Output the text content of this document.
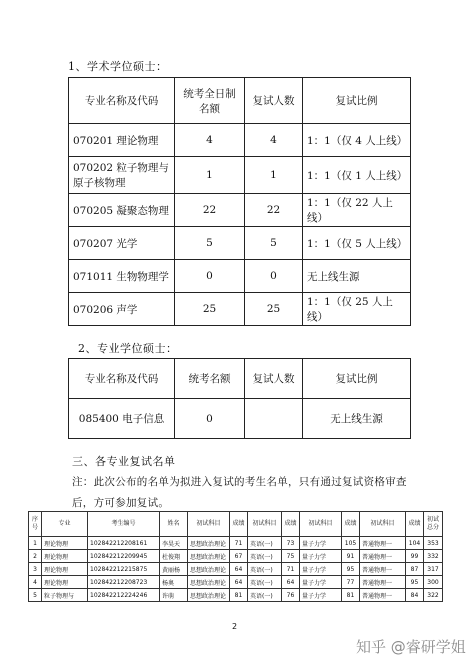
1、学术学位硕士：
专业名称及代码	统考全日制名额	复试人数	复试比例
070201 理论物理	4	4	1：1（仅 4 人上线）
070202 粒子物理与原子核物理	1	1	1：1（仅 1 人上线）
070205 凝聚态物理	22	22	1：1（仅 22 人上线）
070207 光学	5	5	1：1（仅 5 人上线）
071011 生物物理学	0	0	无上线生源
070206 声学	25	25	1：1（仅 25 人上线）
2、专业学位硕士：
专业名称及代码	统考名额	复试人数	复试比例
085400 电子信息	0		无上线生源
三、各专业复试名单
注：此次公布的名单为拟进入复试的考生名单，只有通过复试资格审查后，方可参加复试。
序号	专业	考生编号	姓名	初试科目	成绩	初试科目	成绩	初试科目	成绩	初试科目	成绩	初试总分
1	理论物理	102842212208161	李昊天	思想政治理论	71	英语(一)	73	量子力学	105	普通物理一	104	353
2	理论物理	102842212209945	杜俊翔	思想政治理论	67	英语(一)	75	量子力学	91	普通物理一	99	332
3	理论物理	102842212215875	黄丽杨	思想政治理论	64	英语(一)	71	量子力学	95	普通物理一	87	317
4	理论物理	102842212208723	杨奥	思想政治理论	64	英语(一)	64	量子力学	77	普通物理一	95	300
5	粒子物理与	102842212224246	许萌	思想政治理论	81	英语(一)	76	量子力学	81	普通物理一	84	322
2
知乎 @睿研学姐
